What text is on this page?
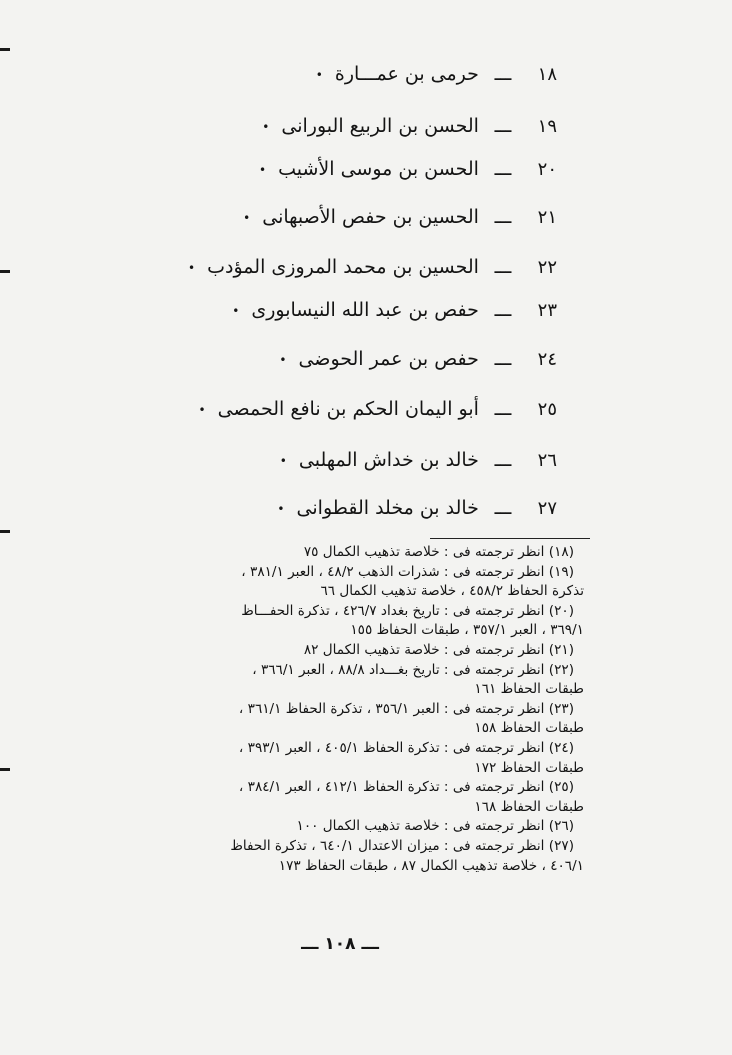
١٨ ـــ حرمى بن عمـــارة •
١٩ ـــ الحسن بن الربيع البورانى •
٢٠ ـــ الحسن بن موسى الأشيب •
٢١ ـــ الحسين بن حفص الأصبهانى •
٢٢ ـــ الحسين بن محمد المروزى المؤدب •
٢٣ ـــ حفص بن عبد الله النيسابورى •
٢٤ ـــ حفص بن عمر الحوضى •
٢٥ ـــ أبو اليمان الحكم بن نافع الحمصى •
٢٦ ـــ خالد بن خداش المهلبى •
٢٧ ـــ خالد بن مخلد القطوانى •
(١٨) انظر ترجمته فى : خلاصة تذهيب الكمال ٧٥
(١٩) انظر ترجمته فى : شذرات الذهب ٤٨/٢ ، العبر ٣٨١/١ ،
تذكرة الحفاظ ٤٥٨/٢ ، خلاصة تذهيب الكمال ٦٦
(٢٠) انظر ترجمته فى : تاريخ بغداد ٤٢٦/٧ ، تذكرة الحفـــاظ
٣٦٩/١ ، العبر ٣٥٧/١ ، طبقات الحفاظ ١٥٥
(٢١) انظر ترجمته فى : خلاصة تذهيب الكمال ٨٢
(٢٢) انظر ترجمته فى : تاريخ بغـــداد ٨٨/٨ ، العبر ٣٦٦/١ ،
طبقات الحفاظ ١٦١
(٢٣) انظر ترجمته فى : العبر ٣٥٦/١ ، تذكرة الحفاظ ٣٦١/١ ،
طبقات الحفاظ ١٥٨
(٢٤) انظر ترجمته فى : تذكرة الحفاظ ٤٠٥/١ ، العبر ٣٩٣/١ ،
طبقات الحفاظ ١٧٢
(٢٥) انظر ترجمته فى : تذكرة الحفاظ ٤١٢/١ ، العبر ٣٨٤/١ ،
طبقات الحفاظ ١٦٨
(٢٦) انظر ترجمته فى : خلاصة تذهيب الكمال ١٠٠
(٢٧) انظر ترجمته فى : ميزان الاعتدال ٦٤٠/١ ، تذكرة الحفاظ
٤٠٦/١ ، خلاصة تذهيب الكمال ٨٧ ، طبقات الحفاظ ١٧٣
ـــ ١٠٨ ـــ
